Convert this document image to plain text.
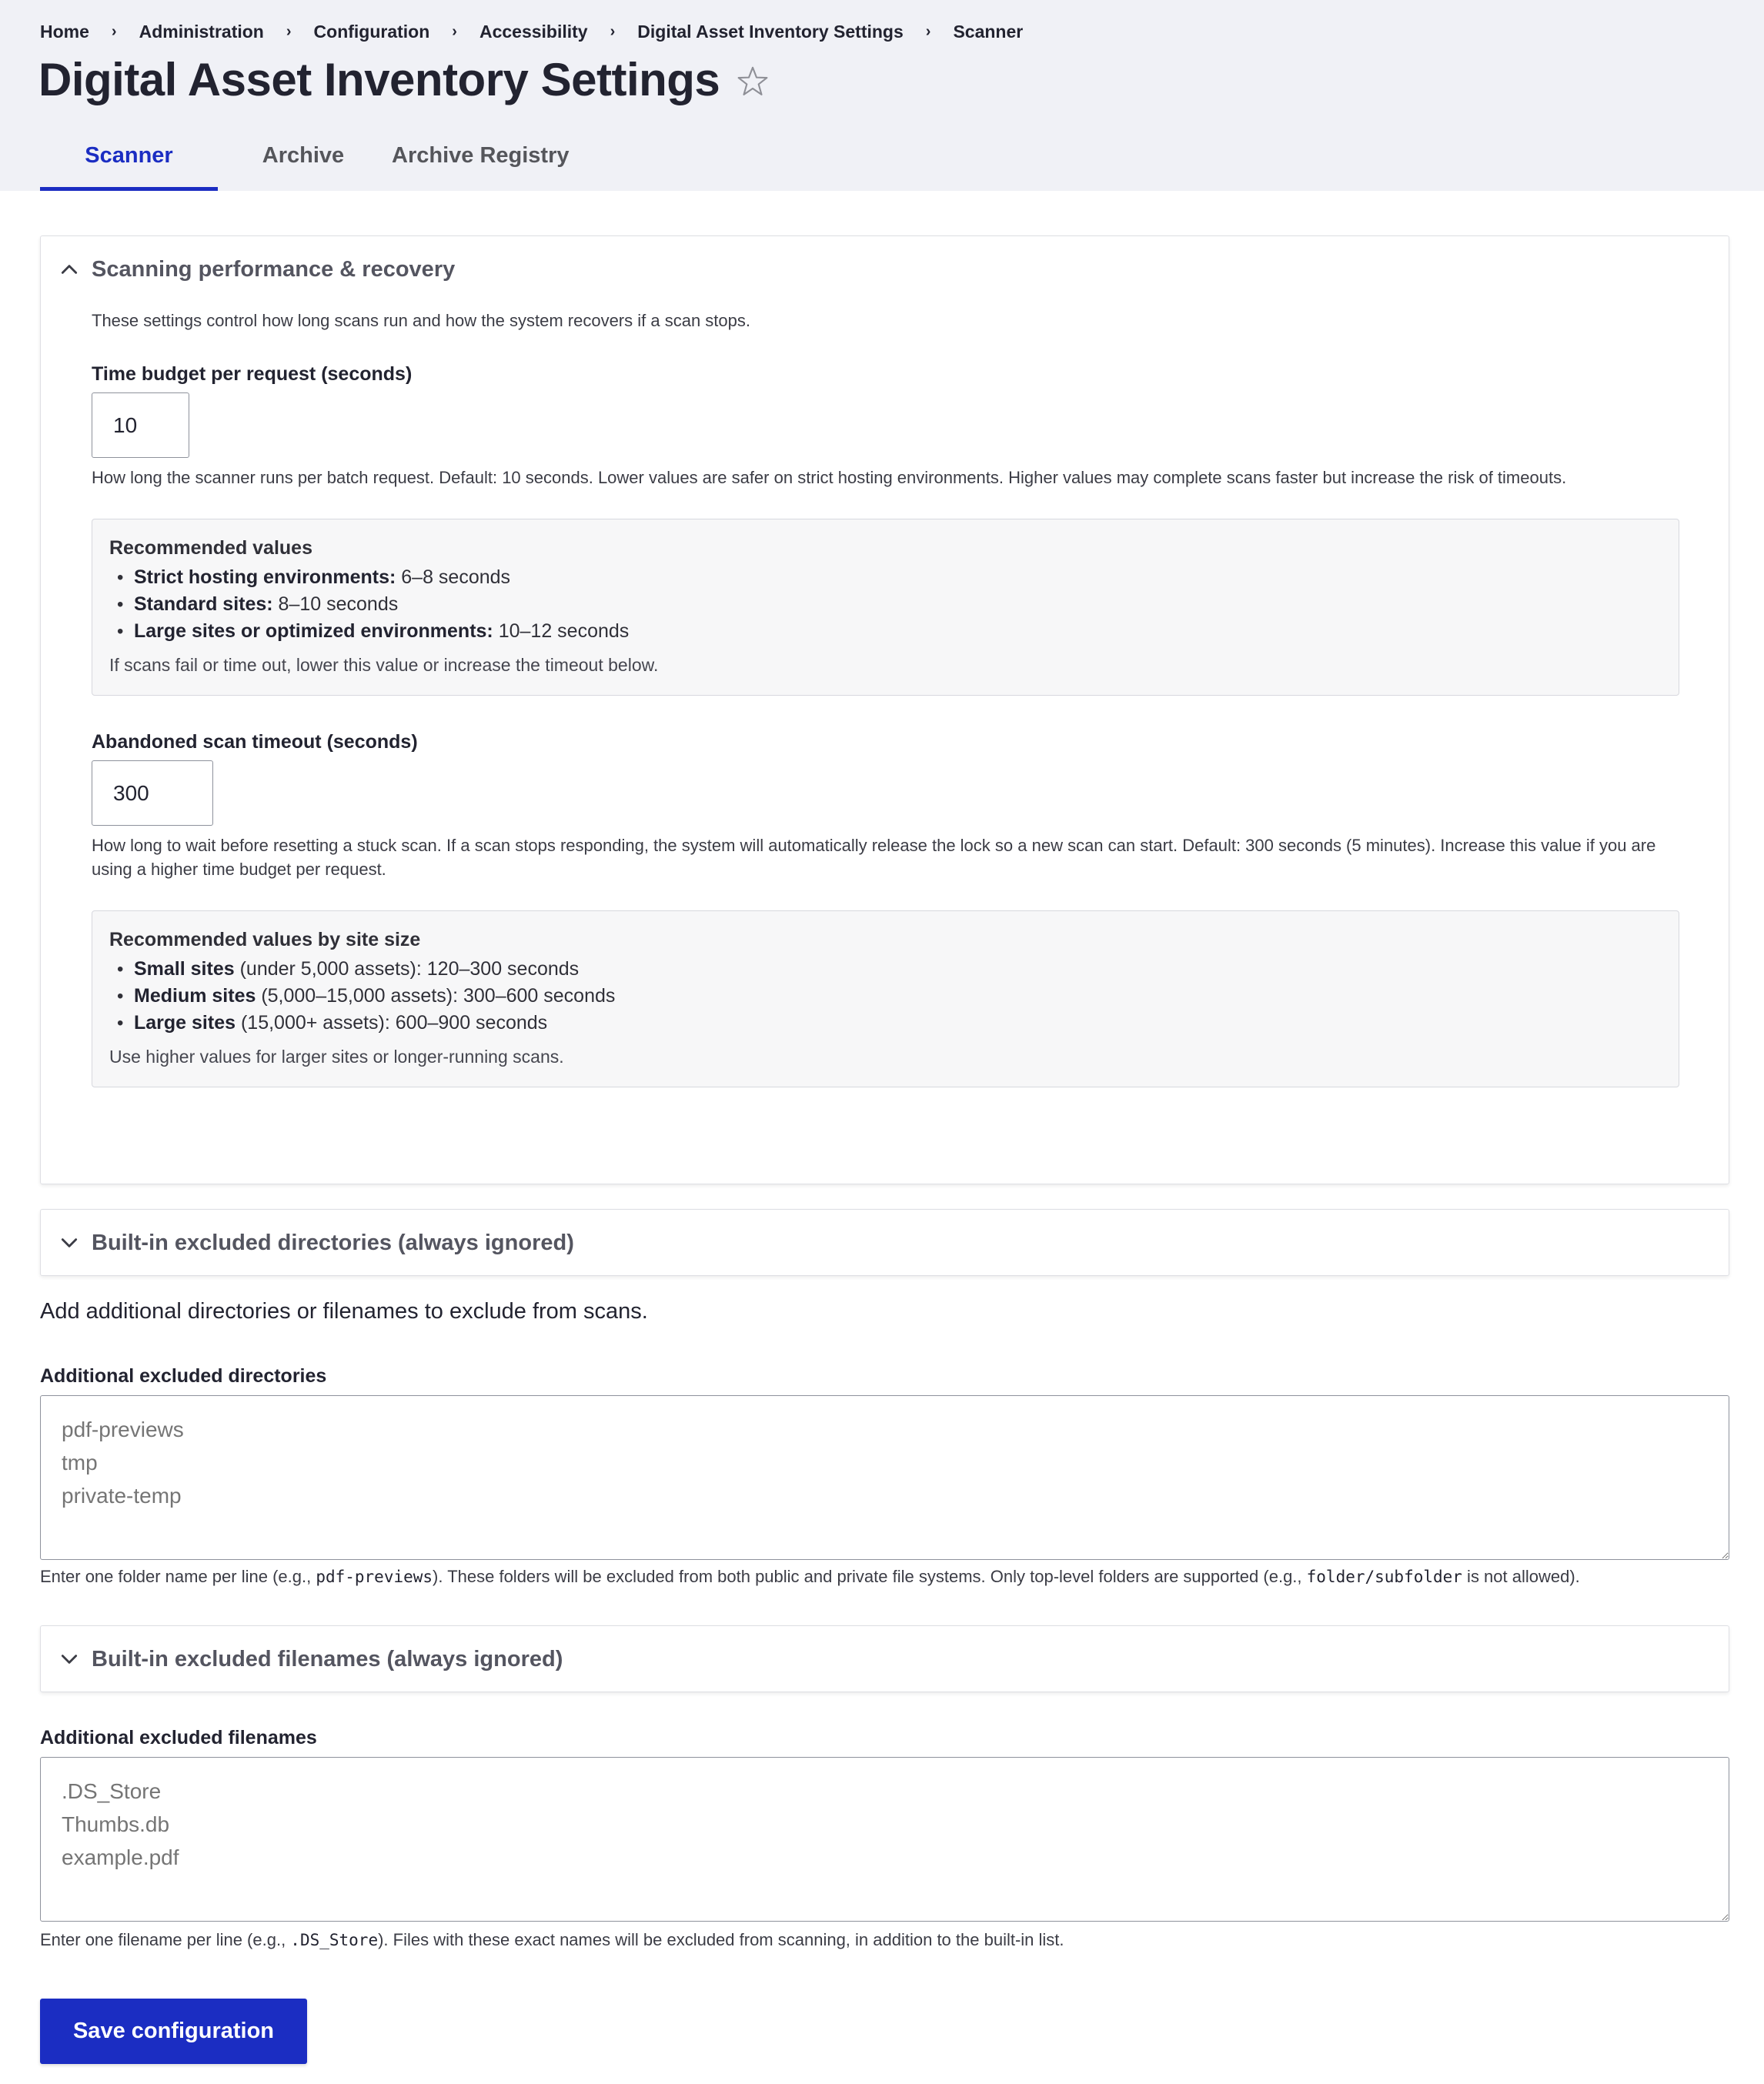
Home › Administration › Configuration › Accessibility › Digital Asset Inventory Settings › Scanner
Digital Asset Inventory Settings
Scanner	Archive Archive Registry
Scanning performance & recovery

These settings control how long scans run and how the system recovers if a scan stops.

Time budget per request (seconds)
10

How long the scanner runs per batch request. Default: 10 seconds. Lower values are safer on strict hosting environments. Higher values may complete scans faster but increase the risk of timeouts.

Recommended values
• Strict hosting environments: 6–8 seconds
• Standard sites: 8–10 seconds
• Large sites or optimized environments: 10–12 seconds

If scans fail or time out, lower this value or increase the timeout below.

Abandoned scan timeout (seconds)
300

How long to wait before resetting a stuck scan. If a scan stops responding, the system will automatically release the lock so a new scan can start. Default: 300 seconds (5 minutes). Increase this value if you are using a higher time budget per request.

Recommended values by site size
• Small sites (under 5,000 assets): 120–300 seconds
• Medium sites (5,000–15,000 assets): 300–600 seconds
• Large sites (15,000+ assets): 600–900 seconds

Use higher values for larger sites or longer-running scans.

Built-in excluded directories (always ignored)

Add additional directories or filenames to exclude from scans.

Additional excluded directories
pdf-previews tmp private-temp

Enter one folder name per line (e.g., pdf-previews). These folders will be excluded from both public and private file systems. Only top-level folders are supported (e.g., folder/subfolder is not allowed).

Built-in excluded filenames (always ignored)
Additional excluded filenames
.DS_Store Thumbs.db example.pdf

Enter one filename per line (e.g., .DS_Store). Files with these exact names will be excluded from scanning, in addition to the built-in list.

Save configuration
